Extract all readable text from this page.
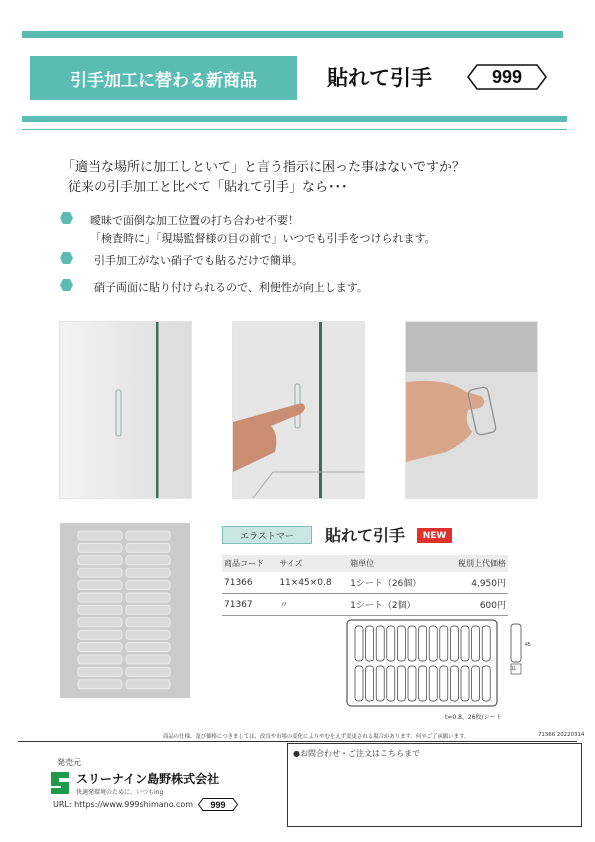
引手加工に替わる新商品	貼れて引手	999
「適当な場所に加工しといて」と言う指示に困った事はないですか？
従来の引手加工と比べて「貼れて引手」なら･･･
曖昧で面倒な加工位置の打ち合わせ不要！
「検査時に」「現場監督様の目の前で」いつでも引手をつけられます。
引手加工がない硝子でも貼るだけで簡単。
硝子両面に貼り付けられるので、利便性が向上します。
エラストマー	貼れて引手	NEW
商品コード	サイズ	箱単位	税別上代価格
71366	11×45×0.8	1シート（26個）	4,950円
71367	〃	1シート（2個）	600円
45
11
t=0.8、26枚/シート
商品の仕様、及び価格につきましては、改良や市場の変化によりやむをえず変更される場合があります。何卒ご了承願います。	71366 20220314
発売元
スリーナイン島野株式会社
快適発環境のために、いつもing
URL: https://www.999shimano.com 999
●お問合わせ・ご注文はこちらまで
